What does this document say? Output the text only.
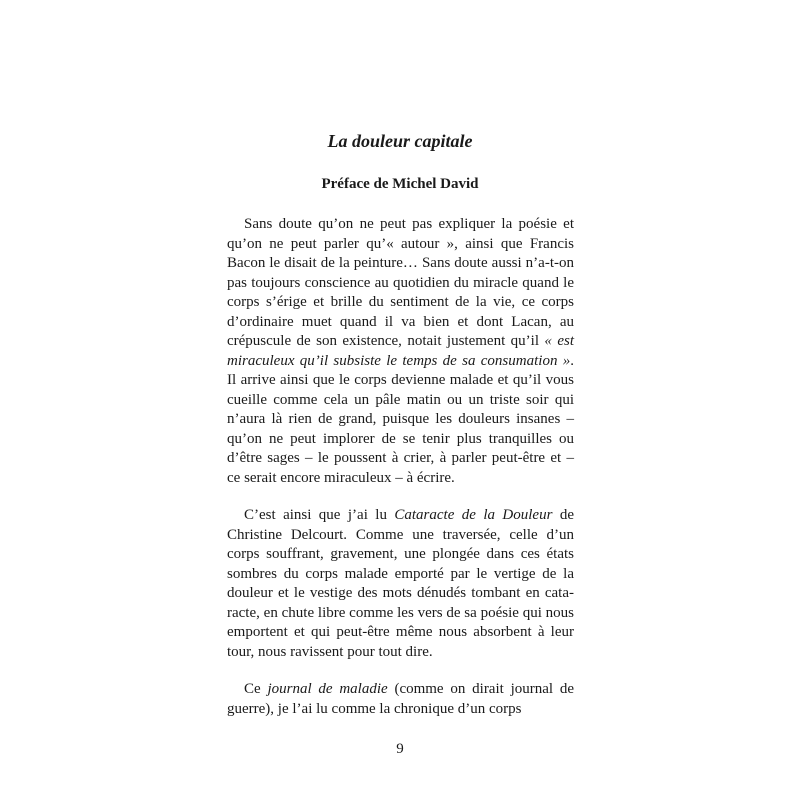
La douleur capitale
Préface de Michel David

Sans doute qu’on ne peut pas expliquer la poésie et qu’on ne peut parler qu’« autour », ainsi que Francis Bacon le disait de la peinture… Sans doute aussi n’a-t-on pas toujours conscience au quotidien du miracle quand le corps s’érige et brille du sentiment de la vie, ce corps d’ordinaire muet quand il va bien et dont Lacan, au crépuscule de son existence, notait justement qu’il « est miraculeux qu’il subsiste le temps de sa consumation ». Il arrive ainsi que le corps devienne malade et qu’il vous cueille comme cela un pâle matin ou un triste soir qui n’aura là rien de grand, puisque les douleurs insanes – qu’on ne peut implorer de se tenir plus tranquilles ou d’être sages – le poussent à crier, à parler peut-être et – ce serait encore miraculeux – à écrire.

C’est ainsi que j’ai lu Cataracte de la Douleur de Christine Delcourt. Comme une traversée, celle d’un corps souffrant, gravement, une plongée dans ces états sombres du corps malade emporté par le vertige de la douleur et le vestige des mots dénudés tombant en cata-racte, en chute libre comme les vers de sa poésie qui nous emportent et qui peut-être même nous absorbent à leur tour, nous ravissent pour tout dire.

Ce journal de maladie (comme on dirait journal de guerre), je l’ai lu comme la chronique d’un corps

9
